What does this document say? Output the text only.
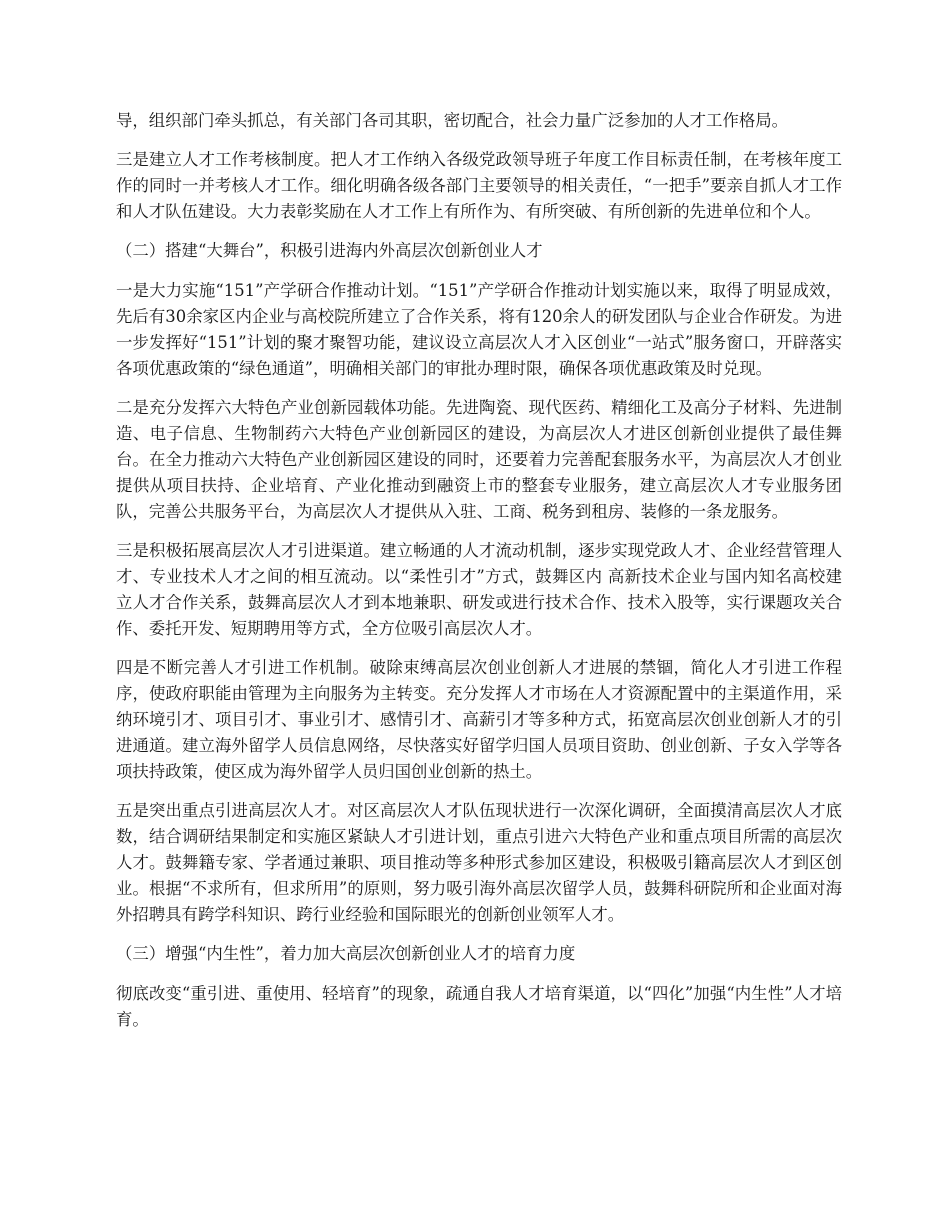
导，组织部门牵头抓总，有关部门各司其职，密切配合，社会力量广泛参加的人才工作格局。

三是建立人才工作考核制度。把人才工作纳入各级党政领导班子年度工作目标责任制，在考核年度工作的同时一并考核人才工作。细化明确各级各部门主要领导的相关责任，“一把手”要亲自抓人才工作和人才队伍建设。大力表彰奖励在人才工作上有所作为、有所突破、有所创新的先进单位和个人。

（二）搭建“大舞台”，积极引进海内外高层次创新创业人才

一是大力实施“151”产学研合作推动计划。“151”产学研合作推动计划实施以来，取得了明显成效，先后有30余家区内企业与高校院所建立了合作关系，将有120余人的研发团队与企业合作研发。为进一步发挥好“151”计划的聚才聚智功能，建议设立高层次人才入区创业“一站式”服务窗口，开辟落实各项优惠政策的“绿色通道”，明确相关部门的审批办理时限，确保各项优惠政策及时兑现。

二是充分发挥六大特色产业创新园载体功能。先进陶瓷、现代医药、精细化工及高分子材料、先进制造、电子信息、生物制药六大特色产业创新园区的建设，为高层次人才进区创新创业提供了最佳舞台。在全力推动六大特色产业创新园区建设的同时，还要着力完善配套服务水平，为高层次人才创业提供从项目扶持、企业培育、产业化推动到融资上市的整套专业服务，建立高层次人才专业服务团队，完善公共服务平台，为高层次人才提供从入驻、工商、税务到租房、装修的一条龙服务。

三是积极拓展高层次人才引进渠道。建立畅通的人才流动机制，逐步实现党政人才、企业经营管理人才、专业技术人才之间的相互流动。以“柔性引才”方式，鼓舞区内 高新技术企业与国内知名高校建立人才合作关系，鼓舞高层次人才到本地兼职、研发或进行技术合作、技术入股等，实行课题攻关合作、委托开发、短期聘用等方式，全方位吸引高层次人才。

四是不断完善人才引进工作机制。破除束缚高层次创业创新人才进展的禁锢，简化人才引进工作程序，使政府职能由管理为主向服务为主转变。充分发挥人才市场在人才资源配置中的主渠道作用，采纳环境引才、项目引才、事业引才、感情引才、高薪引才等多种方式，拓宽高层次创业创新人才的引进通道。建立海外留学人员信息网络，尽快落实好留学归国人员项目资助、创业创新、子女入学等各项扶持政策，使区成为海外留学人员归国创业创新的热土。

五是突出重点引进高层次人才。对区高层次人才队伍现状进行一次深化调研，全面摸清高层次人才底数，结合调研结果制定和实施区紧缺人才引进计划，重点引进六大特色产业和重点项目所需的高层次人才。鼓舞籍专家、学者通过兼职、项目推动等多种形式参加区建设，积极吸引籍高层次人才到区创业。根据“不求所有，但求所用”的原则，努力吸引海外高层次留学人员，鼓舞科研院所和企业面对海外招聘具有跨学科知识、跨行业经验和国际眼光的创新创业领军人才。

（三）增强“内生性”，着力加大高层次创新创业人才的培育力度

彻底改变“重引进、重使用、轻培育”的现象，疏通自我人才培育渠道，以“四化”加强“内生性”人才培育。
